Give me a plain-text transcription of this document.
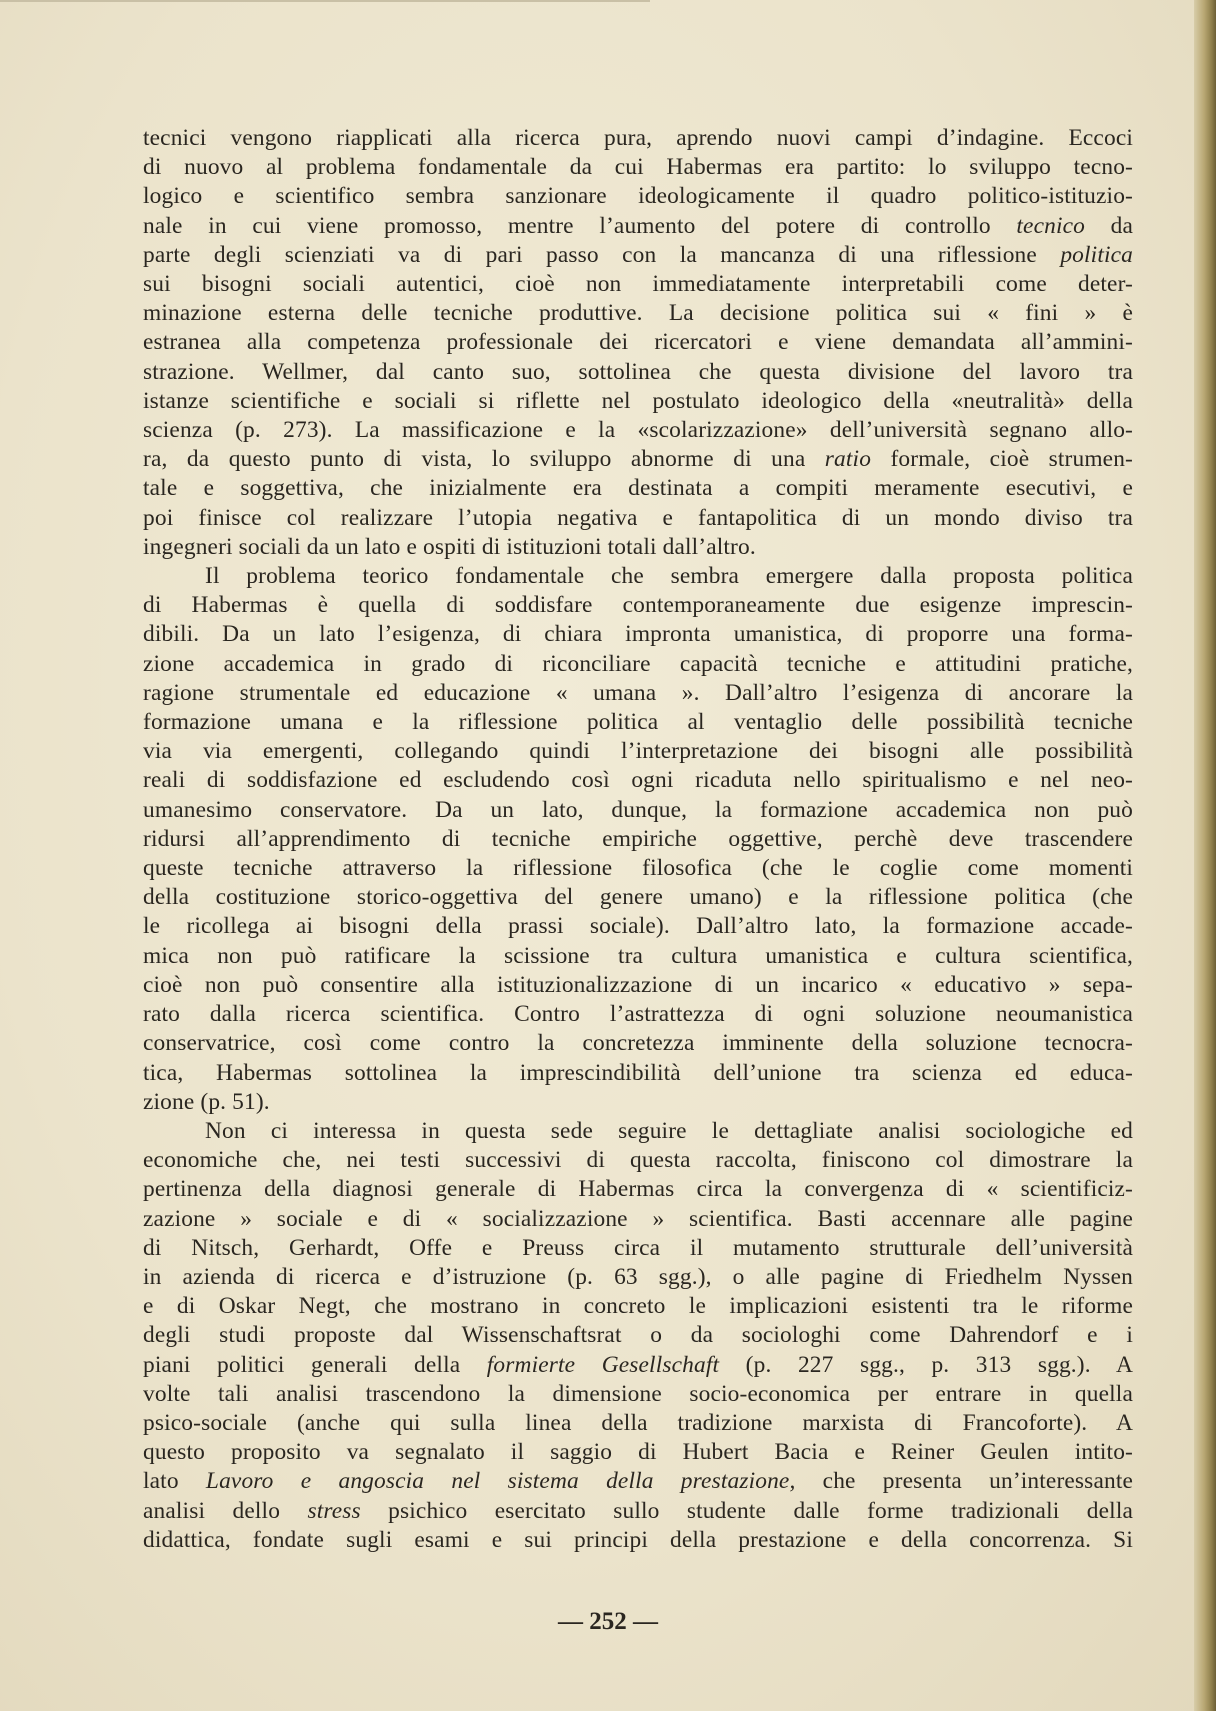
tecnici vengono riapplicati alla ricerca pura, aprendo nuovi campi d’indagine. Eccoci
di nuovo al problema fondamentale da cui Habermas era partito: lo sviluppo tecno-
logico e scientifico sembra sanzionare ideologicamente il quadro politico-istituzio-
nale in cui viene promosso, mentre l’aumento del potere di controllo tecnico da
parte degli scienziati va di pari passo con la mancanza di una riflessione politica
sui bisogni sociali autentici, cioè non immediatamente interpretabili come deter-
minazione esterna delle tecniche produttive. La decisione politica sui « fini » è
estranea alla competenza professionale dei ricercatori e viene demandata all’ammini-
strazione. Wellmer, dal canto suo, sottolinea che questa divisione del lavoro tra
istanze scientifiche e sociali si riflette nel postulato ideologico della «neutralità» della
scienza (p. 273). La massificazione e la «scolarizzazione» dell’università segnano allo-
ra, da questo punto di vista, lo sviluppo abnorme di una ratio formale, cioè strumen-
tale e soggettiva, che inizialmente era destinata a compiti meramente esecutivi, e
poi finisce col realizzare l’utopia negativa e fantapolitica di un mondo diviso tra
ingegneri sociali da un lato e ospiti di istituzioni totali dall’altro.

Il problema teorico fondamentale che sembra emergere dalla proposta politica
di Habermas è quella di soddisfare contemporaneamente due esigenze imprescin-
dibili. Da un lato l’esigenza, di chiara impronta umanistica, di proporre una forma-
zione accademica in grado di riconciliare capacità tecniche e attitudini pratiche,
ragione strumentale ed educazione « umana ». Dall’altro l’esigenza di ancorare la
formazione umana e la riflessione politica al ventaglio delle possibilità tecniche
via via emergenti, collegando quindi l’interpretazione dei bisogni alle possibilità
reali di soddisfazione ed escludendo così ogni ricaduta nello spiritualismo e nel neo-
umanesimo conservatore. Da un lato, dunque, la formazione accademica non può
ridursi all’apprendimento di tecniche empiriche oggettive, perchè deve trascendere
queste tecniche attraverso la riflessione filosofica (che le coglie come momenti
della costituzione storico-oggettiva del genere umano) e la riflessione politica (che
le ricollega ai bisogni della prassi sociale). Dall’altro lato, la formazione accade-
mica non può ratificare la scissione tra cultura umanistica e cultura scientifica,
cioè non può consentire alla istituzionalizzazione di un incarico « educativo » sepa-
rato dalla ricerca scientifica. Contro l’astrattezza di ogni soluzione neoumanistica
conservatrice, così come contro la concretezza imminente della soluzione tecnocra-
tica, Habermas sottolinea la imprescindibilità dell’unione tra scienza ed educa-
zione (p. 51).

Non ci interessa in questa sede seguire le dettagliate analisi sociologiche ed
economiche che, nei testi successivi di questa raccolta, finiscono col dimostrare la
pertinenza della diagnosi generale di Habermas circa la convergenza di « scientificiz-
zazione » sociale e di « socializzazione » scientifica. Basti accennare alle pagine
di Nitsch, Gerhardt, Offe e Preuss circa il mutamento strutturale dell’università
in azienda di ricerca e d’istruzione (p. 63 sgg.), o alle pagine di Friedhelm Nyssen
e di Oskar Negt, che mostrano in concreto le implicazioni esistenti tra le riforme
degli studi proposte dal Wissenschaftsrat o da sociologhi come Dahrendorf e i
piani politici generali della formierte Gesellschaft (p. 227 sgg., p. 313 sgg.). A
volte tali analisi trascendono la dimensione socio-economica per entrare in quella
psico-sociale (anche qui sulla linea della tradizione marxista di Francoforte). A
questo proposito va segnalato il saggio di Hubert Bacia e Reiner Geulen intito-
lato Lavoro e angoscia nel sistema della prestazione, che presenta un’interessante
analisi dello stress psichico esercitato sullo studente dalle forme tradizionali della
didattica, fondate sugli esami e sui principi della prestazione e della concorrenza. Si

— 252 —
